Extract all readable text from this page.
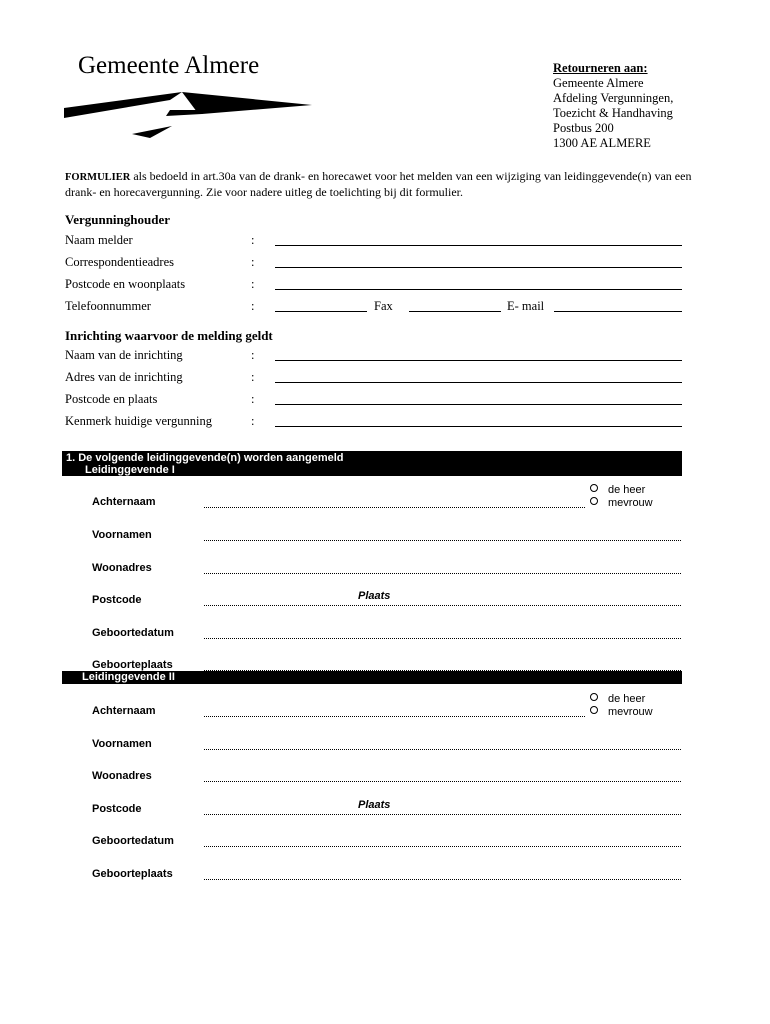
Gemeente Almere	Retourneren aan:
Gemeente Almere
Afdeling Vergunningen,
Toezicht & Handhaving
Postbus 200
1300 AE ALMERE
FORMULIER als bedoeld in art.30a van de drank- en horecawet voor het melden van een wijziging van leidinggevende(n) van een drank- en horecavergunning. Zie voor nadere uitleg de toelichting bij dit formulier.
Vergunninghouder
Naam melder	:
Correspondentieadres	:
Postcode en woonplaats	:
Telefoonnummer	:	Fax	E- mail
Inrichting waarvoor de melding geldt
Naam van de inrichting	:
Adres van de inrichting	:
Postcode en plaats	:
Kenmerk huidige vergunning	:
1. De volgende leidinggevende(n) worden aangemeld
Leidinggevende I
de heer
mevrouw
Achternaam
Voornamen
Woonadres
Postcode	Plaats
Geboortedatum
Geboorteplaats
Leidinggevende II
de heer
mevrouw
Achternaam
Voornamen
Woonadres
Postcode	Plaats
Geboortedatum
Geboorteplaats
